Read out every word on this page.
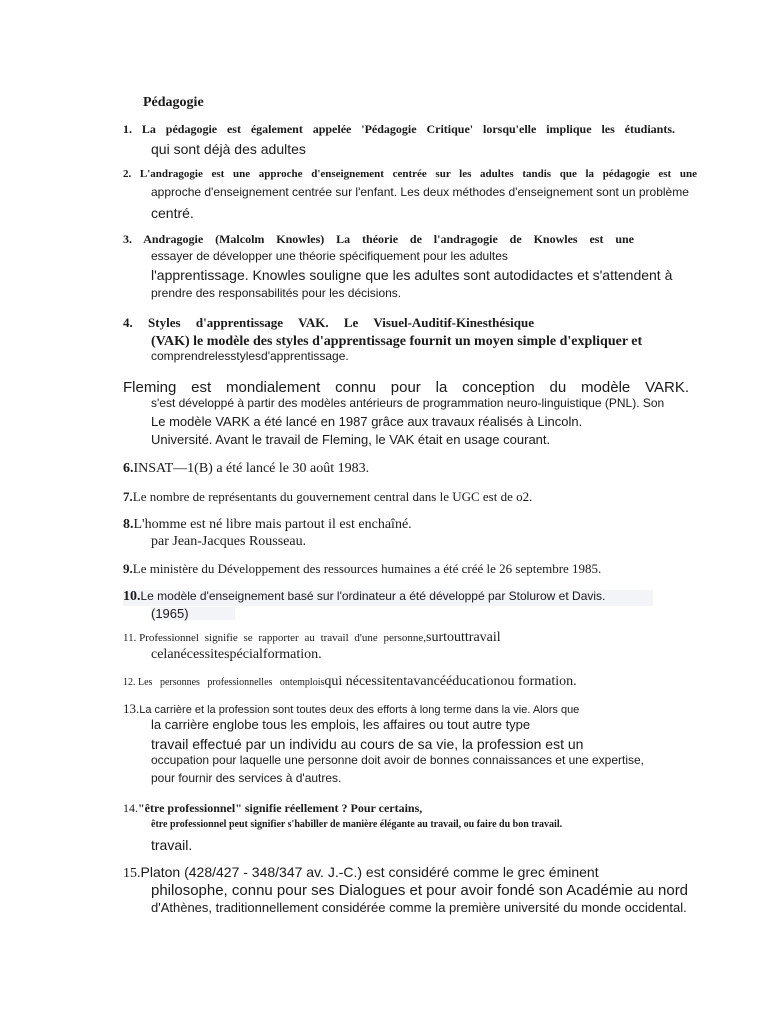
Pédagogie
1. La pédagogie est également appelée 'Pédagogie Critique' lorsqu'elle implique les étudiants.
qui sont déjà des adultes
2. L'andragogie est une approche d'enseignement centrée sur les adultes tandis que la pédagogie est une
approche d'enseignement centrée sur l'enfant. Les deux méthodes d'enseignement sont un problème
centré.
3. Andragogie (Malcolm Knowles) La théorie de l'andragogie de Knowles est une
essayer de développer une théorie spécifiquement pour les adultes
l'apprentissage. Knowles souligne que les adultes sont autodidactes et s'attendent à
prendre des responsabilités pour les décisions.
4. Styles d'apprentissage VAK. Le Visuel-Auditif-Kinesthésique
(VAK) le modèle des styles d'apprentissage fournit un moyen simple d'expliquer et
comprendrelesstylesd'apprentissage.
Fleming est mondialement connu pour la conception du modèle VARK.
s'est développé à partir des modèles antérieurs de programmation neuro-linguistique (PNL). Son
Le modèle VARK a été lancé en 1987 grâce aux travaux réalisés à Lincoln.
Université. Avant le travail de Fleming, le VAK était en usage courant.
6.INSAT—1(B) a été lancé le 30 août 1983.
7.Le nombre de représentants du gouvernement central dans le UGC est de o2.
8.L'homme est né libre mais partout il est enchaîné.
par Jean-Jacques Rousseau.
9.Le ministère du Développement des ressources humaines a été créé le 26 septembre 1985.
10.Le modèle d'enseignement basé sur l'ordinateur a été développé par Stolurow et Davis.
(1965)
11. Professionnel signifie se rapporter au travail d'une personne,surtouttravail
celanécessitespécialformation.
12. Les personnes professionnelles ontemploisqui nécessitentavancééducationou formation.
13.La carrière et la profession sont toutes deux des efforts à long terme dans la vie. Alors que
la carrière englobe tous les emplois, les affaires ou tout autre type
travail effectué par un individu au cours de sa vie, la profession est un
occupation pour laquelle une personne doit avoir de bonnes connaissances et une expertise,
pour fournir des services à d'autres.
14."être professionnel" signifie réellement ? Pour certains,
être professionnel peut signifier s'habiller de manière élégante au travail, ou faire du bon travail.
travail.
15.Platon (428/427 - 348/347 av. J.-C.) est considéré comme le grec éminent
philosophe, connu pour ses Dialogues et pour avoir fondé son Académie au nord
d'Athènes, traditionnellement considérée comme la première université du monde occidental.
